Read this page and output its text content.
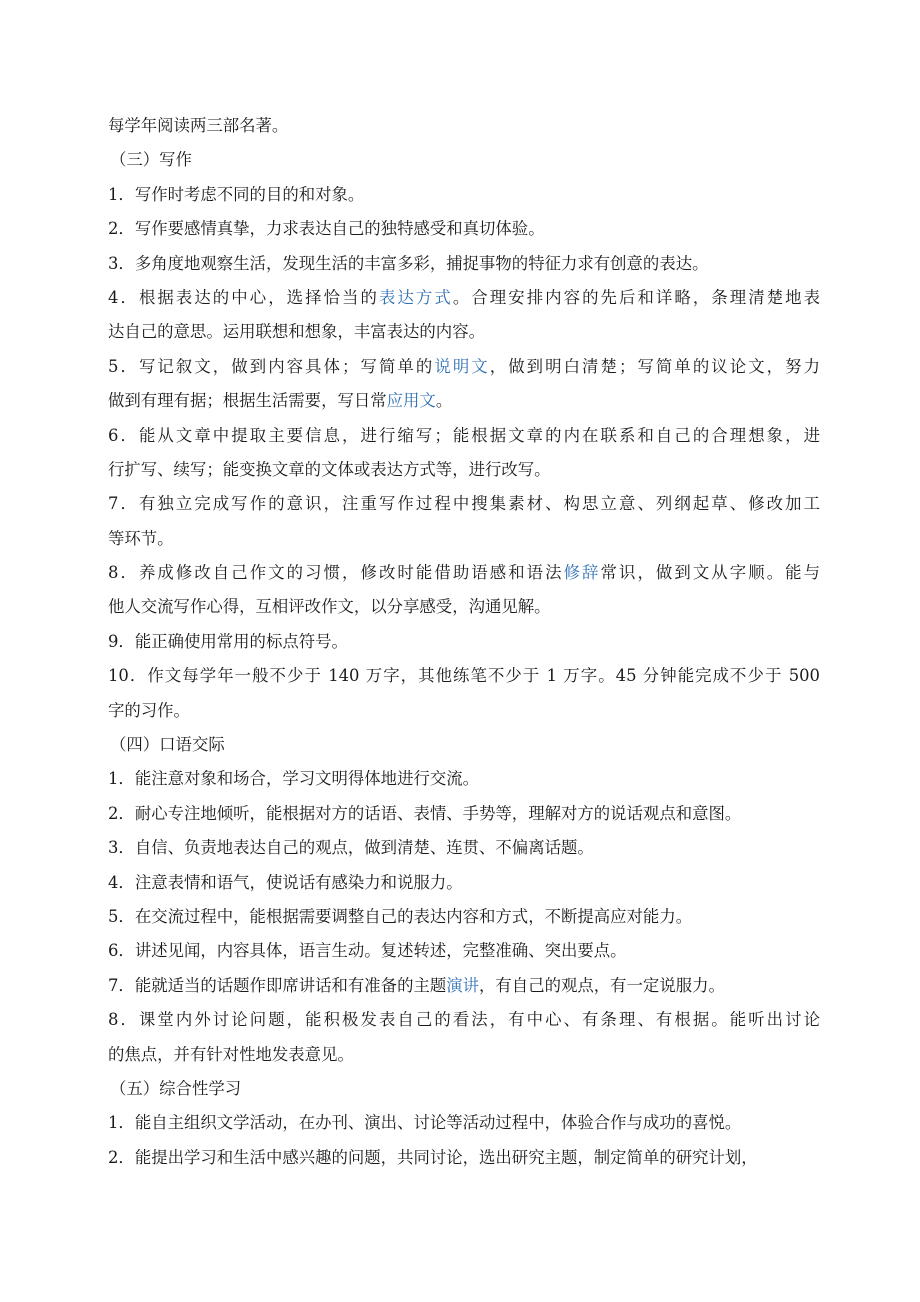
每学年阅读两三部名著。
（三）写作
1．写作时考虑不同的目的和对象。
2．写作要感情真挚，力求表达自己的独特感受和真切体验。
3．多角度地观察生活，发现生活的丰富多彩，捕捉事物的特征力求有创意的表达。
4．根据表达的中心，选择恰当的表达方式。合理安排内容的先后和详略，条理清楚地表
达自己的意思。运用联想和想象，丰富表达的内容。
5．写记叙文，做到内容具体；写简单的说明文，做到明白清楚；写简单的议论文，努力
做到有理有据；根据生活需要，写日常应用文。
6．能从文章中提取主要信息，进行缩写；能根据文章的内在联系和自己的合理想象，进
行扩写、续写；能变换文章的文体或表达方式等，进行改写。
7．有独立完成写作的意识，注重写作过程中搜集素材、构思立意、列纲起草、修改加工
等环节。
8．养成修改自己作文的习惯，修改时能借助语感和语法修辞常识，做到文从字顺。能与
他人交流写作心得，互相评改作文，以分享感受，沟通见解。
9．能正确使用常用的标点符号。
10．作文每学年一般不少于 140 万字，其他练笔不少于 1 万字。45 分钟能完成不少于 500
字的习作。
（四）口语交际
1．能注意对象和场合，学习文明得体地进行交流。
2．耐心专注地倾听，能根据对方的话语、表情、手势等，理解对方的说话观点和意图。
3．自信、负责地表达自己的观点，做到清楚、连贯、不偏离话题。
4．注意表情和语气，使说话有感染力和说服力。
5．在交流过程中，能根据需要调整自己的表达内容和方式，不断提高应对能力。
6．讲述见闻，内容具体，语言生动。复述转述，完整准确、突出要点。
7．能就适当的话题作即席讲话和有准备的主题演讲，有自己的观点，有一定说服力。
8．课堂内外讨论问题，能积极发表自己的看法，有中心、有条理、有根据。能听出讨论
的焦点，并有针对性地发表意见。
（五）综合性学习
1．能自主组织文学活动，在办刊、演出、讨论等活动过程中，体验合作与成功的喜悦。
2．能提出学习和生活中感兴趣的问题，共同讨论，选出研究主题，制定简单的研究计划，
